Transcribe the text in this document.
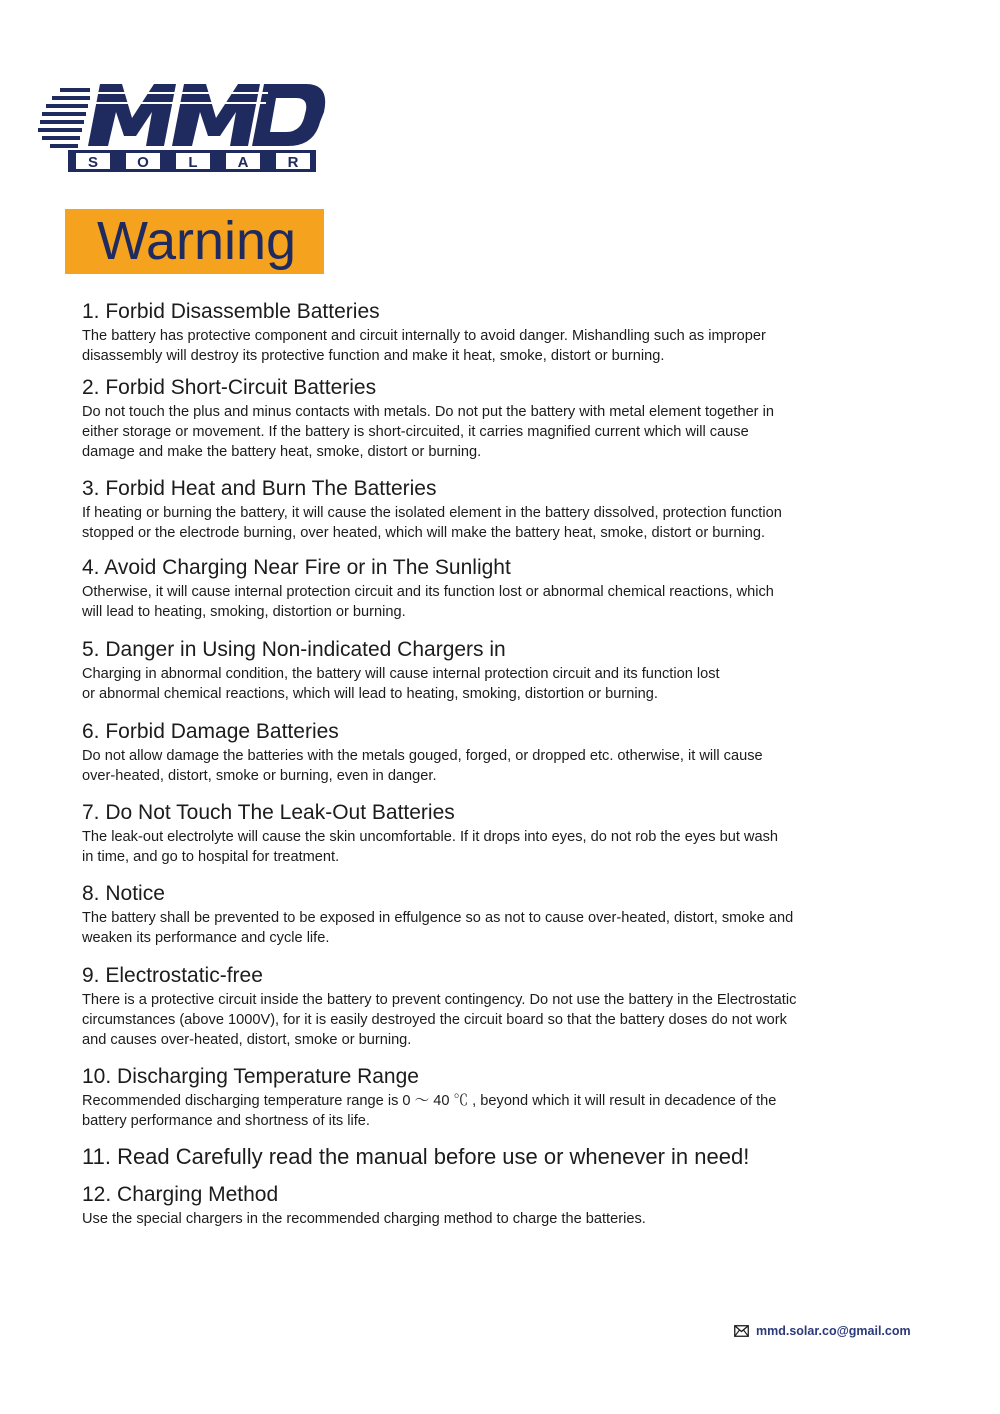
S	O	L	A	R
Warning
1. Forbid Disassemble Batteries

The battery has protective component and circuit internally to avoid danger. Mishandling such as improper
disassembly will destroy its protective function and make it heat, smoke, distort or burning.

2. Forbid Short-Circuit Batteries

Do not touch the plus and minus contacts with metals. Do not put the battery with metal element together in
either storage or movement. If the battery is short-circuited, it carries magnified current which will cause
damage and make the battery heat, smoke, distort or burning.

3. Forbid Heat and Burn The Batteries

If heating or burning the battery, it will cause the isolated element in the battery dissolved, protection function
stopped or the electrode burning, over heated, which will make the battery heat, smoke, distort or burning.

4. Avoid Charging Near Fire or in The Sunlight

Otherwise, it will cause internal protection circuit and its function lost or abnormal chemical reactions, which
will lead to heating, smoking, distortion or burning.

5. Danger in Using Non-indicated Chargers in

Charging in abnormal condition, the battery will cause internal protection circuit and its function lost
or abnormal chemical reactions, which will lead to heating, smoking, distortion or burning.

6. Forbid Damage Batteries

Do not allow damage the batteries with the metals gouged, forged, or dropped etc. otherwise, it will cause
over-heated, distort, smoke or burning, even in danger.

7. Do Not Touch The Leak-Out Batteries

The leak-out electrolyte will cause the skin uncomfortable. If it drops into eyes, do not rob the eyes but wash
in time, and go to hospital for treatment.

8. Notice

The battery shall be prevented to be exposed in effulgence so as not to cause over-heated, distort, smoke and
weaken its performance and cycle life.

9. Electrostatic-free

There is a protective circuit inside the battery to prevent contingency. Do not use the battery in the Electrostatic
circumstances (above 1000V), for it is easily destroyed the circuit board so that the battery doses do not work
and causes over-heated, distort, smoke or burning.

10. Discharging Temperature Range

Recommended discharging temperature range is 0 ～ 40 ℃ , beyond which it will result in decadence of the
battery performance and shortness of its life.

11. Read Carefully read the manual before use or whenever in need!
12. Charging Method

Use the special chargers in the recommended charging method to charge the batteries.

mmd.solar.co@gmail.com
